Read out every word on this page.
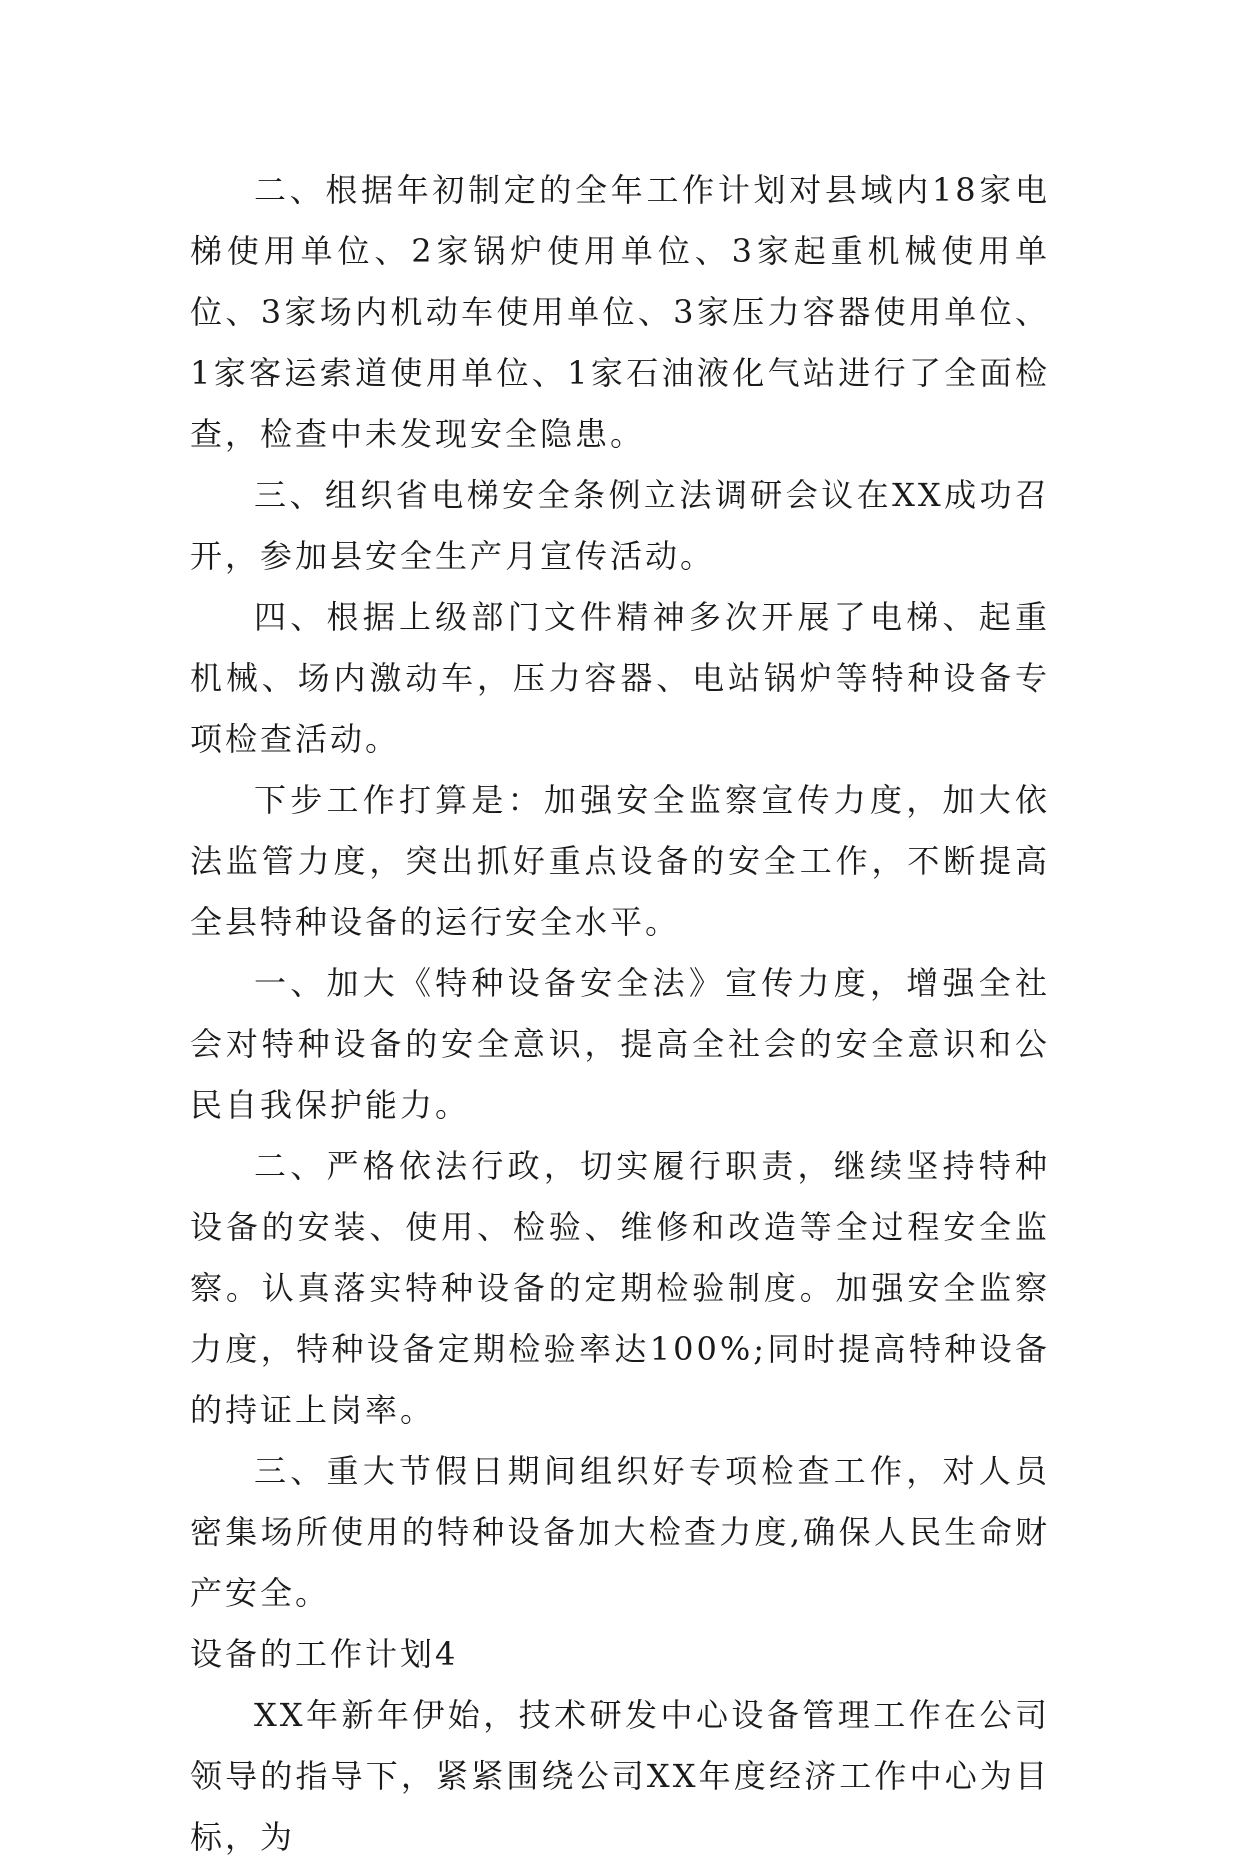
二、根据年初制定的全年工作计划对县域内18家电梯使用单位、2家锅炉使用单位、3家起重机械使用单位、3家场内机动车使用单位、3家压力容器使用单位、1家客运索道使用单位、1家石油液化气站进行了全面检查，检查中未发现安全隐患。

三、组织省电梯安全条例立法调研会议在XX成功召开，参加县安全生产月宣传活动。

四、根据上级部门文件精神多次开展了电梯、起重机械、场内激动车，压力容器、电站锅炉等特种设备专项检查活动。

下步工作打算是：加强安全监察宣传力度，加大依法监管力度，突出抓好重点设备的安全工作，不断提高全县特种设备的运行安全水平。

一、加大《特种设备安全法》宣传力度，增强全社会对特种设备的安全意识，提高全社会的安全意识和公民自我保护能力。

二、严格依法行政，切实履行职责，继续坚持特种设备的安装、使用、检验、维修和改造等全过程安全监察。认真落实特种设备的定期检验制度。加强安全监察力度，特种设备定期检验率达100%;同时提高特种设备的持证上岗率。

三、重大节假日期间组织好专项检查工作，对人员密集场所使用的特种设备加大检查力度,确保人民生命财产安全。

设备的工作计划4

XX年新年伊始，技术研发中心设备管理工作在公司领导的指导下，紧紧围绕公司XX年度经济工作中心为目标，为
